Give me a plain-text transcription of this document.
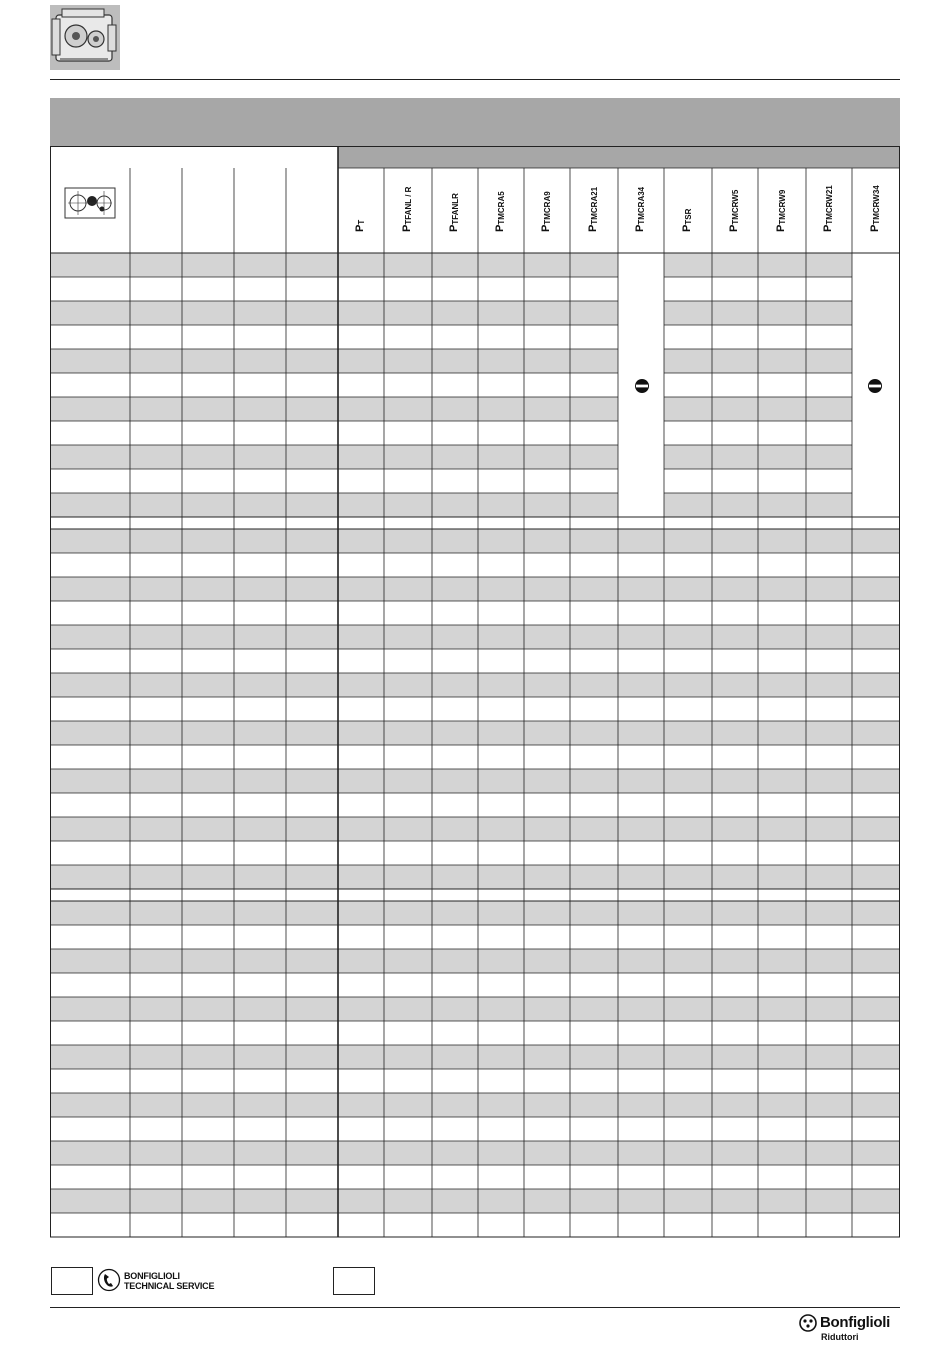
$P_T$
$P_{TFANL / R}$
$P_{TFANLR}$
$P_{TMCRA5}$
$P_{TMCRA9}$
$P_{TMCRA21}$
$P_{TMCRA34}$
$P_{TSR}$
$P_{TMCRW5}$
$P_{TMCRW9}$
$P_{TMCRW21}$
$P_{TMCRW34}$
BONFIGLIOLI
TECHNICAL SERVICE
Bonfiglioli
Riduttori
